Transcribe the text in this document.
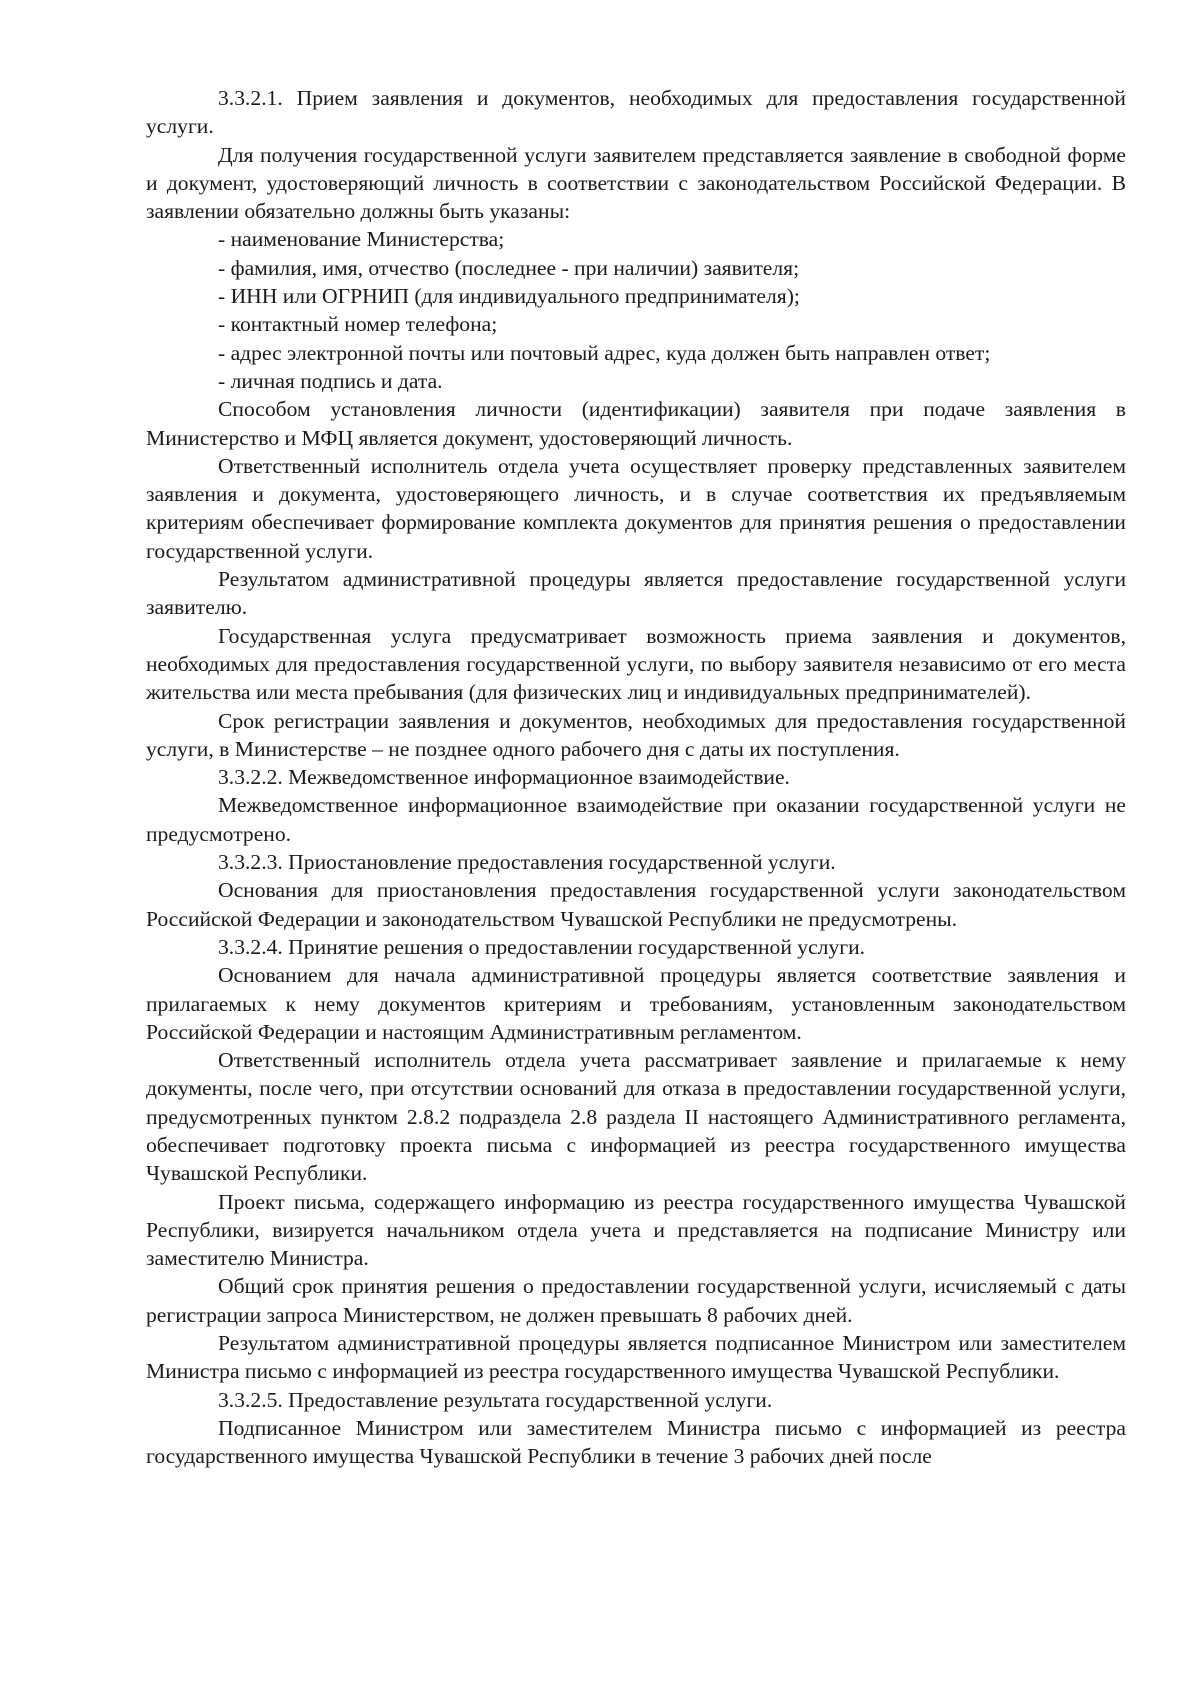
3.3.2.1. Прием заявления и документов, необходимых для предоставления государственной услуги.

Для получения государственной услуги заявителем представляется заявление в свободной форме и документ, удостоверяющий личность в соответствии с законодательством Российской Федерации. В заявлении обязательно должны быть указаны:

- наименование Министерства;

- фамилия, имя, отчество (последнее - при наличии) заявителя;

- ИНН или ОГРНИП (для индивидуального предпринимателя);

- контактный номер телефона;

- адрес электронной почты или почтовый адрес, куда должен быть направлен ответ;

- личная подпись и дата.

Способом установления личности (идентификации) заявителя при подаче заявления в Министерство и МФЦ является документ, удостоверяющий личность.

Ответственный исполнитель отдела учета осуществляет проверку представленных заявителем заявления и документа, удостоверяющего личность, и в случае соответствия их предъявляемым критериям обеспечивает формирование комплекта документов для принятия решения о предоставлении государственной услуги.

Результатом административной процедуры является предоставление государственной услуги заявителю.

Государственная услуга предусматривает возможность приема заявления и документов, необходимых для предоставления государственной услуги, по выбору заявителя независимо от его места жительства или места пребывания (для физических лиц и индивидуальных предпринимателей).

Срок регистрации заявления и документов, необходимых для предоставления государственной услуги, в Министерстве – не позднее одного рабочего дня с даты их поступления.

3.3.2.2. Межведомственное информационное взаимодействие.

Межведомственное информационное взаимодействие при оказании государственной услуги не предусмотрено.

3.3.2.3. Приостановление предоставления государственной услуги.

Основания для приостановления предоставления государственной услуги законодательством Российской Федерации и законодательством Чувашской Республики не предусмотрены.

3.3.2.4. Принятие решения о предоставлении государственной услуги.

Основанием для начала административной процедуры является соответствие заявления и прилагаемых к нему документов критериям и требованиям, установленным законодательством Российской Федерации и настоящим Административным регламентом.

Ответственный исполнитель отдела учета рассматривает заявление и прилагаемые к нему документы, после чего, при отсутствии оснований для отказа в предоставлении государственной услуги, предусмотренных пунктом 2.8.2 подраздела 2.8 раздела II настоящего Административного регламента, обеспечивает подготовку проекта письма с информацией из реестра государственного имущества Чувашской Республики.

Проект письма, содержащего информацию из реестра государственного имущества Чувашской Республики, визируется начальником отдела учета и представляется на подписание Министру или заместителю Министра.

Общий срок принятия решения о предоставлении государственной услуги, исчисляемый с даты регистрации запроса Министерством, не должен превышать 8 рабочих дней.

Результатом административной процедуры является подписанное Министром или заместителем Министра письмо с информацией из реестра государственного имущества Чувашской Республики.

3.3.2.5. Предоставление результата государственной услуги.

Подписанное Министром или заместителем Министра письмо с информацией из реестра государственного имущества Чувашской Республики в течение 3 рабочих дней после
